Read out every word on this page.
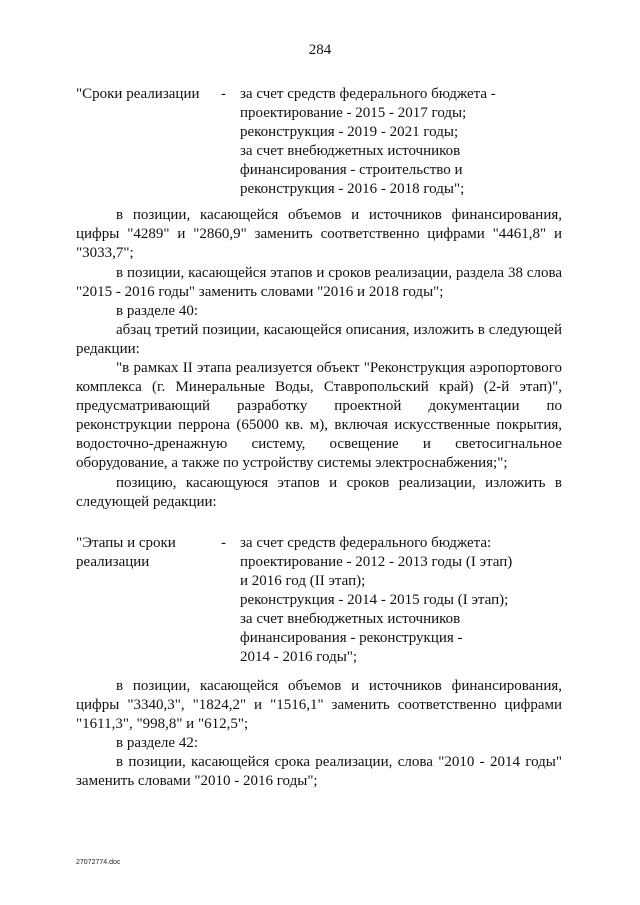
284
"Сроки реализации	- за счет средств федерального бюджета -
проектирование - 2015 - 2017 годы;
реконструкция - 2019 - 2021 годы;
за счет внебюджетных источников
финансирования - строительство и
реконструкция - 2016 - 2018 годы";

в позиции, касающейся объемов и источников финансирования, цифры "4289" и "2860,9" заменить соответственно цифрами "4461,8" и "3033,7";

в позиции, касающейся этапов и сроков реализации, раздела 38 слова "2015 - 2016 годы" заменить словами "2016 и 2018 годы";

в разделе 40:

абзац третий позиции, касающейся описания, изложить в следующей редакции:

"в рамках II этапа реализуется объект "Реконструкция аэропортового комплекса (г. Минеральные Воды, Ставропольский край) (2-й этап)", предусматривающий разработку проектной документации по реконструкции перрона (65000 кв. м), включая искусственные покрытия, водосточно-дренажную систему, освещение и светосигнальное оборудование, а также по устройству системы электроснабжения;";

позицию, касающуюся этапов и сроков реализации, изложить в следующей редакции:

"Этапы и сроки
реализации
- за счет средств федерального бюджета:
проектирование - 2012 - 2013 годы (I этап)
и 2016 год (II этап);
реконструкция - 2014 - 2015 годы (I этап);
за счет внебюджетных источников
финансирования - реконструкция -
2014 - 2016 годы";

в позиции, касающейся объемов и источников финансирования, цифры "3340,3", "1824,2" и "1516,1" заменить соответственно цифрами "1611,3", "998,8" и "612,5";

в разделе 42:

в позиции, касающейся срока реализации, слова "2010 - 2014 годы" заменить словами "2010 - 2016 годы";

27072774.doc
